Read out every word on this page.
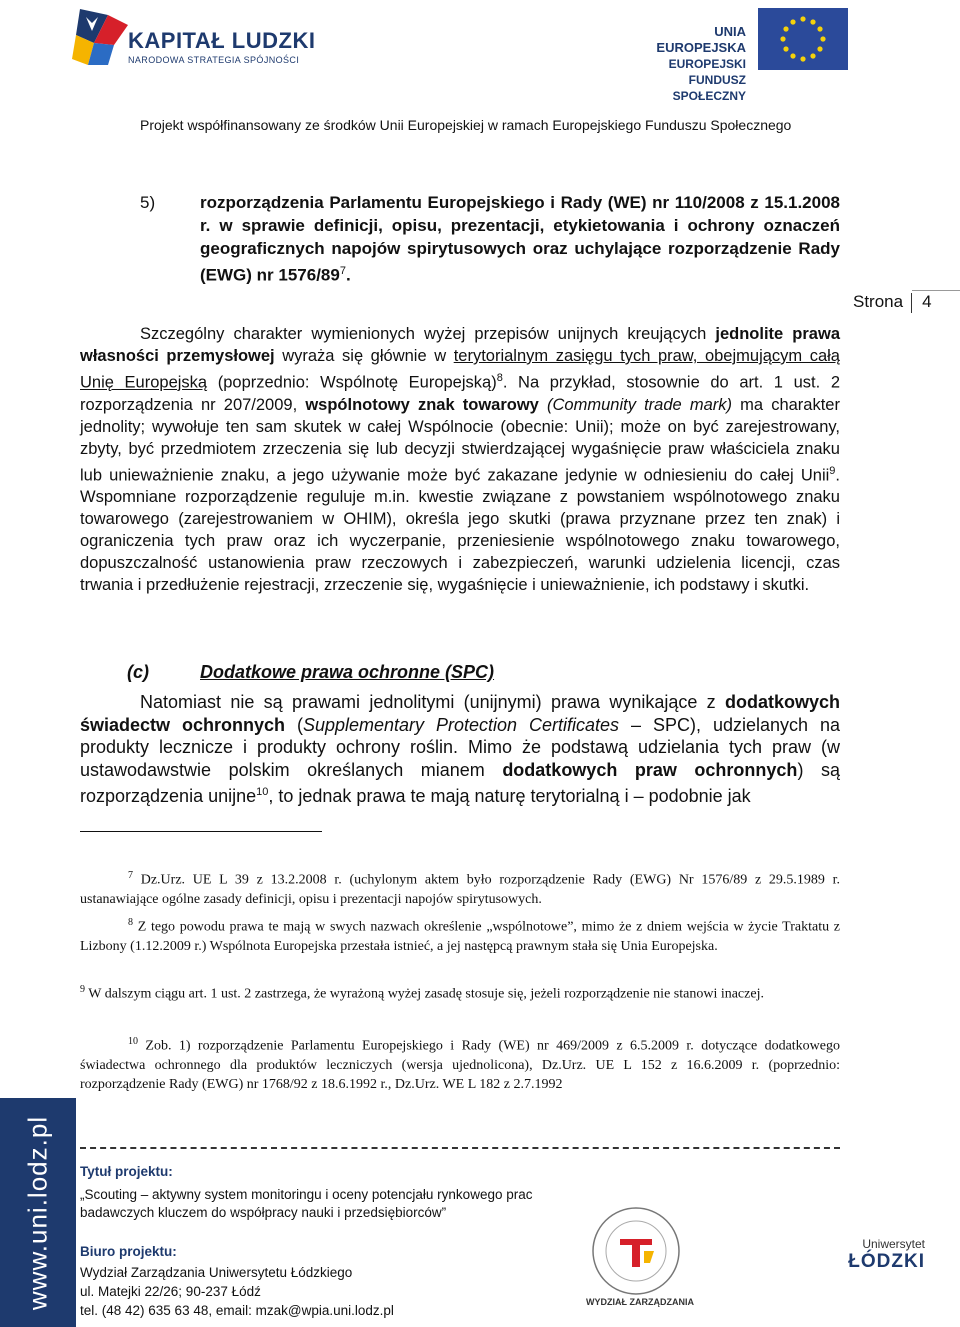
KAPITAŁ LUDZKI
NARODOWA STRATEGIA SPÓJNOŚCI
UNIA EUROPEJSKA
EUROPEJSKI
FUNDUSZ SPOŁECZNY
Projekt współfinansowany ze środków Unii Europejskiej w ramach Europejskiego Funduszu Społecznego
5)	rozporządzenia Parlamentu Europejskiego i Rady (WE) nr 110/2008 z 15.1.2008 r. w sprawie definicji, opisu, prezentacji, etykietowania i ochrony oznaczeń geograficznych napojów spirytusowych oraz uchylające rozporządzenie Rady (EWG) nr $1576/89^7$.
Strona 4
Szczególny charakter wymienionych wyżej przepisów unijnych kreujących jednolite prawa własności przemysłowej wyraża się głównie w terytorialnym zasięgu tych praw, obejmującym całą Unię Europejską (poprzednio: Wspólnotę Europejską)$^8$. Na przykład, stosownie do art. 1 ust. 2 rozporządzenia nr 207/2009, wspólnotowy znak towarowy (Community trade mark) ma charakter jednolity; wywołuje ten sam skutek w całej Wspólnocie (obecnie: Unii); może on być zarejestrowany, zbyty, być przedmiotem zrzeczenia się lub decyzji stwierdzającej wygaśnięcie praw właściciela znaku lub unieważnienie znaku, a jego używanie może być zakazane jedynie w odniesieniu do całej Unii$^9$. Wspomniane rozporządzenie reguluje m.in. kwestie związane z powstaniem wspólnotowego znaku towarowego (zarejestrowaniem w OHIM), określa jego skutki (prawa przyznane przez ten znak) i ograniczenia tych praw oraz ich wyczerpanie, przeniesienie wspólnotowego znaku towarowego, dopuszczalność ustanowienia praw rzeczowych i zabezpieczeń, warunki udzielenia licencji, czas trwania i przedłużenie rejestracji, zrzeczenie się, wygaśnięcie i unieważnienie, ich podstawy i skutki.
(c)	Dodatkowe prawa ochronne (SPC)
Natomiast nie są prawami jednolitymi (unijnymi) prawa wynikające z dodatkowych świadectw ochronnych (Supplementary Protection Certificates – SPC), udzielanych na produkty lecznicze i produkty ochrony roślin. Mimo że podstawą udzielania tych praw (w ustawodawstwie polskim określanych mianem dodatkowych praw ochronnych) są rozporządzenia unijne$^{10}$, to jednak prawa te mają naturę terytorialną i – podobnie jak
$^7$ Dz.Urz. UE L 39 z 13.2.2008 r. (uchylonym aktem było rozporządzenie Rady (EWG) Nr 1576/89 z 29.5.1989 r. ustanawiające ogólne zasady definicji, opisu i prezentacji napojów spirytusowych.
$^8$ Z tego powodu prawa te mają w swych nazwach określenie „wspólnotowe”, mimo że z dniem wejścia w życie Traktatu z Lizbony (1.12.2009 r.) Wspólnota Europejska przestała istnieć, a jej następcą prawnym stała się Unia Europejska.
$^9$ W dalszym ciągu art. 1 ust. 2 zastrzega, że wyrażoną wyżej zasadę stosuje się, jeżeli rozporządzenie nie stanowi inaczej.
$^{10}$ Zob. 1) rozporządzenie Parlamentu Europejskiego i Rady (WE) nr 469/2009 z 6.5.2009 r. dotyczące dodatkowego świadectwa ochronnego dla produktów leczniczych (wersja ujednolicona), Dz.Urz. UE L 152 z 16.6.2009 r. (poprzednio: rozporządzenie Rady (EWG) nr 1768/92 z 18.6.1992 r., Dz.Urz. WE L 182 z 2.7.1992
www.uni.lodz.pl Tytuł projektu:
„Scouting – aktywny system monitoringu i oceny potencjału rynkowego prac
badawczych kluczem do współpracy nauki i przedsiębiorców”
Biuro projektu:
Wydział Zarządzania Uniwersytetu Łódzkiego
ul. Matejki 22/26; 90-237 Łódź
tel. (48 42) 635 63 48, email: mzak@wpia.uni.lodz.pl
WYDZIAŁ ZARZĄDZANIA
Uniwersytet
ŁÓDZKI
